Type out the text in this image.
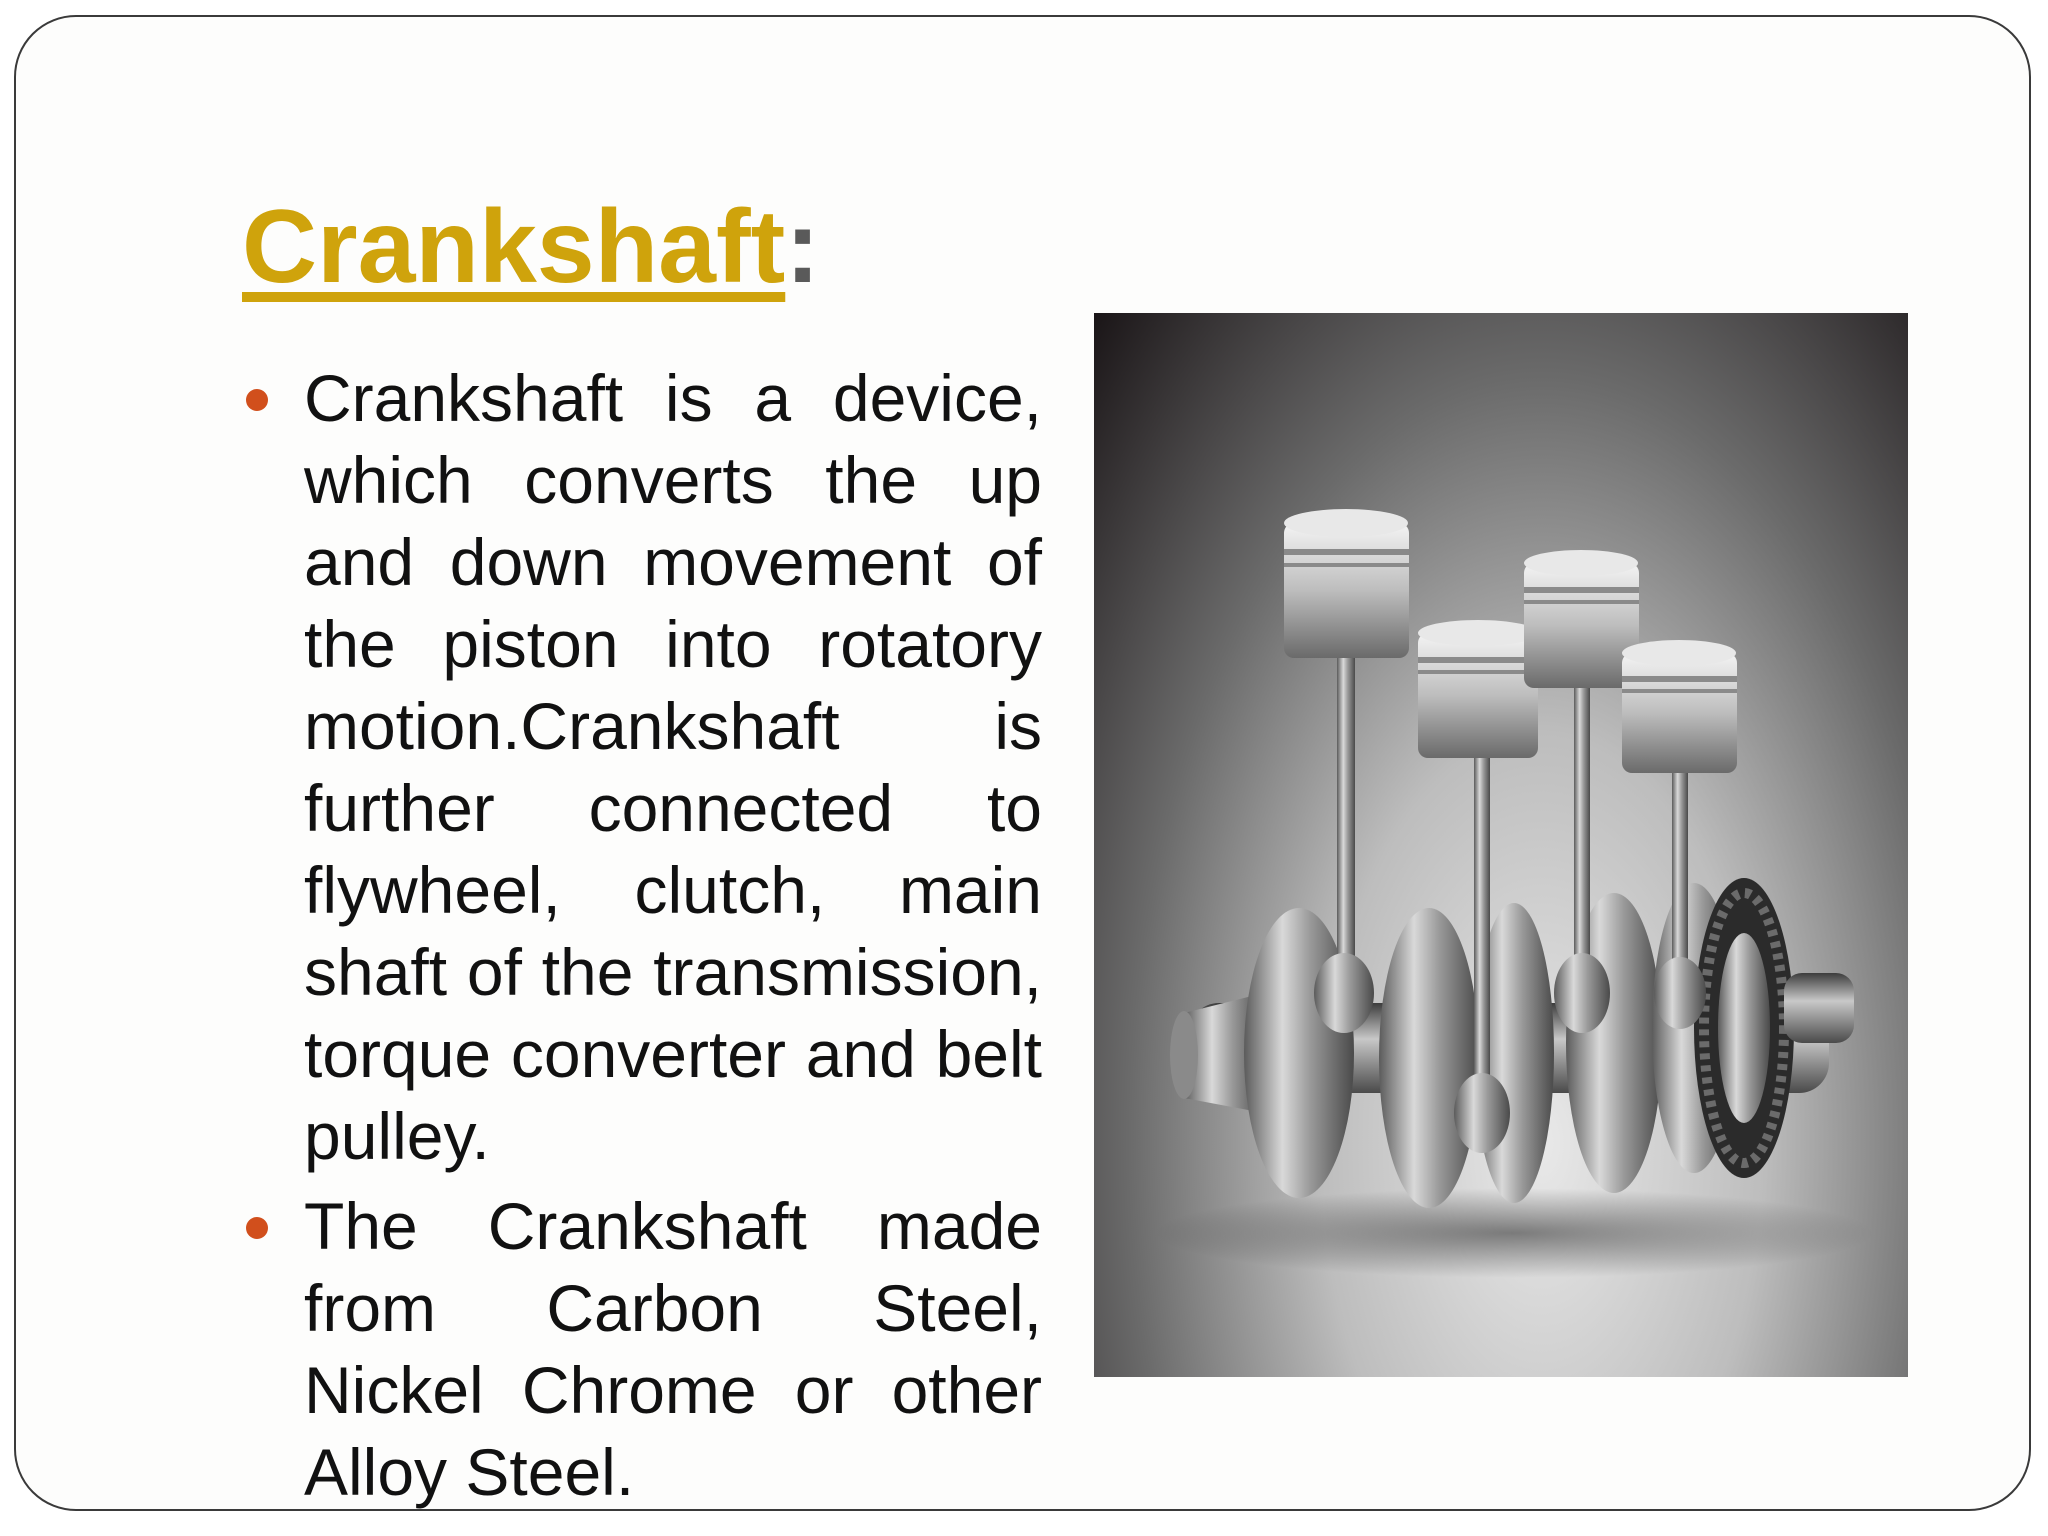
Crankshaft:
Crankshaft is a device, which converts the up and down movement of the piston into rotatory motion.Crankshaft is further connected to flywheel, clutch, main shaft of the transmission, torque converter and belt pulley.
The Crankshaft made from Carbon Steel, Nickel Chrome or other Alloy Steel.
